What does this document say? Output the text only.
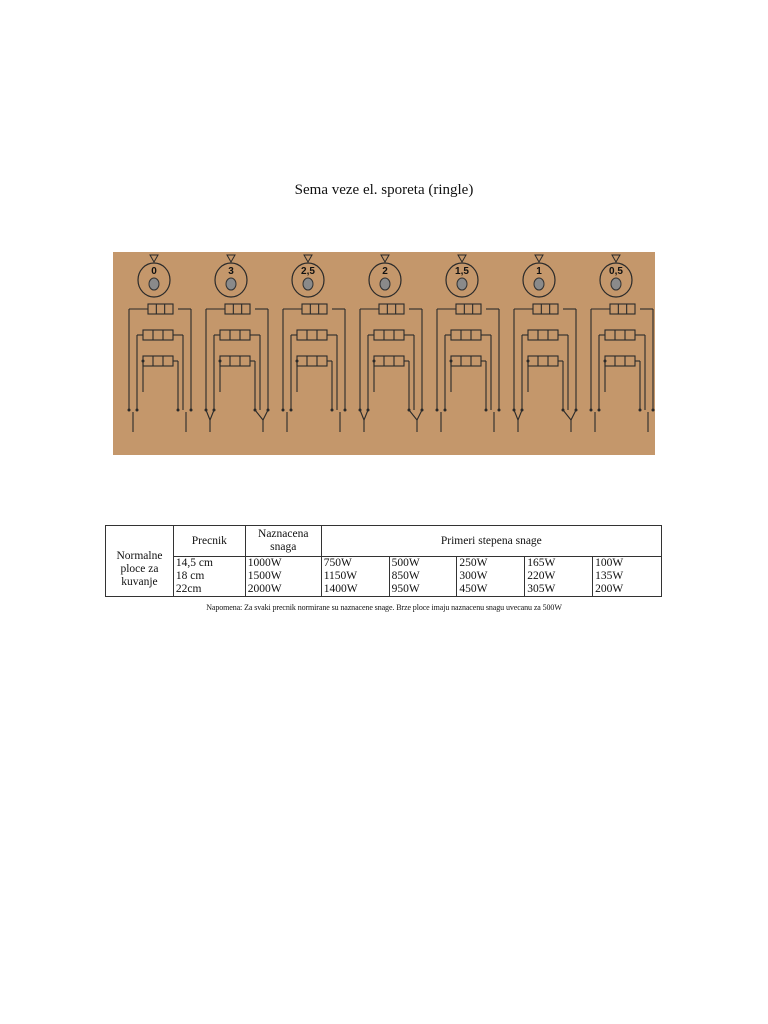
Sema veze el. sporeta (ringle)
0	3	2,5	2	1,5	1	0,5
Normalne ploce za kuvanje	Precnik	Naznacena snaga	Primeri stepena snage				
	14,5 cm	1000W	750W	500W	250W	165W	100W
	18 cm	1500W	1150W	850W	300W	220W	135W
	22cm	2000W	1400W	950W	450W	305W	200W
Napomena: Za svaki precnik normirane su naznacene snage. Brze ploce imaju naznacenu snagu uvecanu za 500W
